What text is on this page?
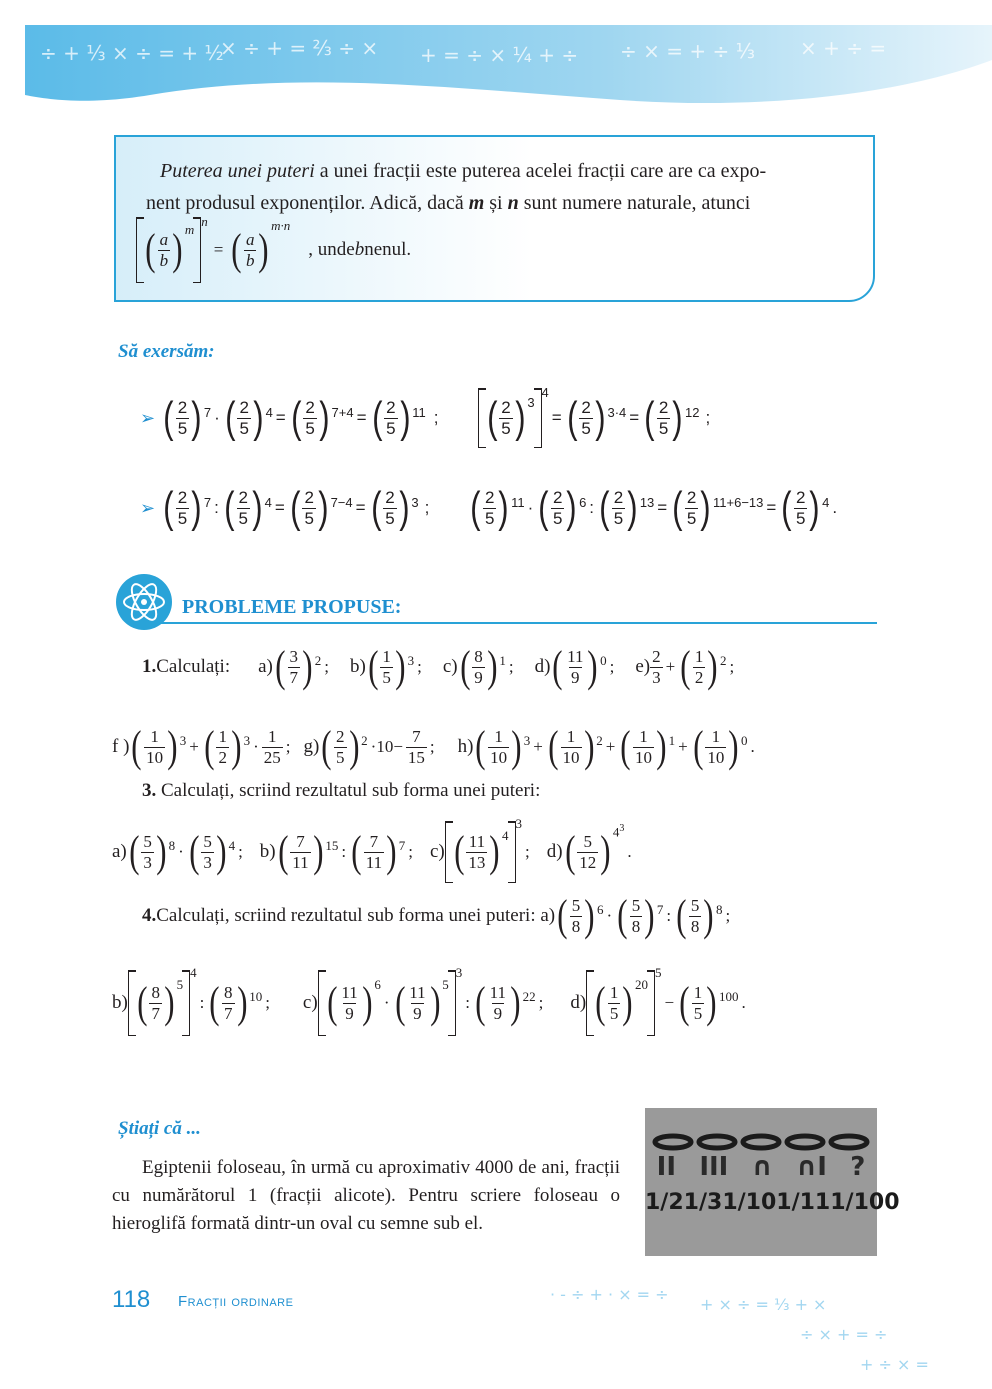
÷ + ⅓ × ÷ = + ½
× ÷ + = ⅔ ÷ × + = ÷ × ¼ + ÷ ÷ × = + ÷ ⅓ × + ÷ =
Puterea unei puteri a unei fracții este puterea acelei fracții care are ca expo-
nent produsul exponenților. Adică, dacă m și n sunt numere naturale, atunci
( $\frac{a}{b}$ ) m
n
= ( $\frac{a}{b}$ ) m·n
, unde b nenul.
Să exersăm:
➢ ( $\frac{2}{5}$ ) 7 · ( $\frac{2}{5}$ ) 4 = ( $\frac{2}{5}$ ) 7+4 = ( $\frac{2}{5}$ ) 11 ; ( $\frac{2}{5}$ ) 3
4
= ( $\frac{2}{5}$ ) 3·4 = ( $\frac{2}{5}$ ) 12 ;
➢ ( $\frac{2}{5}$ ) 7 : ( $\frac{2}{5}$ ) 4 = ( $\frac{2}{5}$ ) 7−4 = ( $\frac{2}{5}$ ) 3 ; ( $\frac{2}{5}$ ) 11 · ( $\frac{2}{5}$ ) 6 : ( $\frac{2}{5}$ ) 13 = ( $\frac{2}{5}$ ) 11+6−13 = ( $\frac{2}{5}$ ) 4 .
PROBLEME PROPUSE:
1. Calculați: a) ( $\frac{3}{7}$ ) 2 ; b) ( $\frac{1}{5}$ ) 3 ; c) ( $\frac{8}{9}$ ) 1 ; d) ( $\frac{11}{9}$ ) 0 ; $e) \frac{2}{3}$ + ( $\frac{1}{2}$ ) 2 ;
f ) ( $\frac{1}{10}$ ) 3 + ( $\frac{1}{2}$ ) $3 \cdot \frac{1}{25}$ ; g) ( $\frac{2}{5}$ ) $2 \cdot 10- \frac{7}{15}$ ; h) ( $\frac{1}{10}$ ) 3 + ( $\frac{1}{10}$ ) 2 + ( $\frac{1}{10}$ ) 1 + ( $\frac{1}{10}$ ) 0 .
3. Calculați, scriind rezultatul sub forma unei puteri:
a) ( $\frac{5}{3}$ ) 8 · ( $\frac{5}{3}$ ) 4 ; b) ( $\frac{7}{11}$ ) 15 : ( $\frac{7}{11}$ ) 7 ; c) ( $\frac{11}{13}$ ) 4
3
; d) ( $\frac{5}{12}$ ) $4^3$
.
4. Calculați, scriind rezultatul sub forma unei puteri: a) ( $\frac{5}{8}$ ) 6 · ( $\frac{5}{8}$ ) 7 : ( $\frac{5}{8}$ ) 8 ;
b) ( $\frac{8}{7}$ ) 5
4
: ( $\frac{8}{7}$ ) 10 ; c) ( $\frac{11}{9}$ ) 6
· ( $\frac{11}{9}$ ) 5
3
: ( $\frac{11}{9}$ ) 22 ; d) ( $\frac{1}{5}$ ) 20
5
− ( $\frac{1}{5}$ ) 100 .
Știați că ...
Egiptenii foloseau, în urmă cu aproximativ 4000 de ani, fracții cu numărătorul 1 (fracții alicote). Pentru scriere foloseau o hieroglifă formată dintr-un oval cu semne sub el.
II III ∩ ∩I ?
1/2 1/3 1/10 1/11 1/100
118 Fracții ordinare	· - ÷ + · × = ÷
+ × ÷ = ⅓ + ×
÷ × + = ÷
+ ÷ × =
